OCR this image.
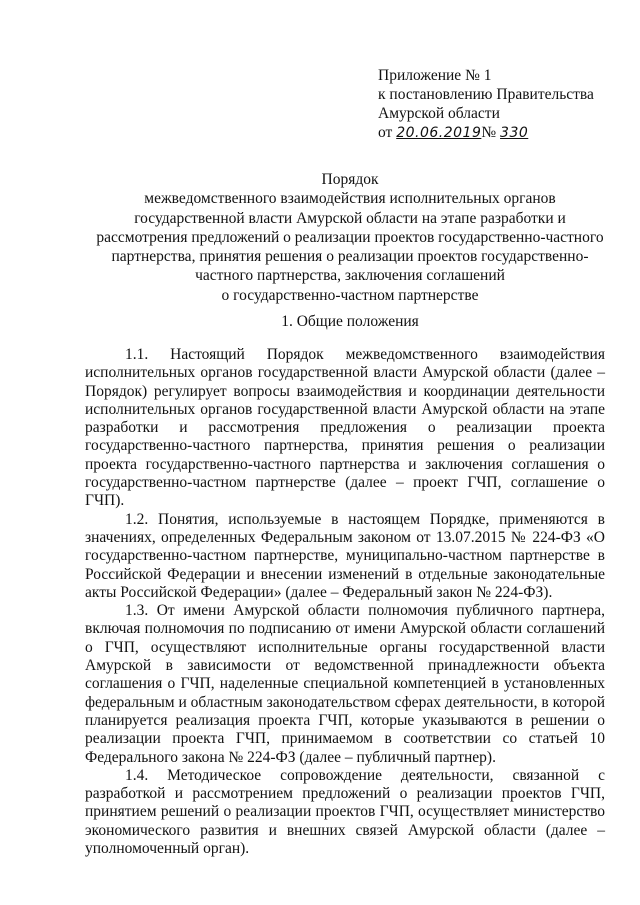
Приложение № 1
к постановлению Правительства
Амурской области
от 20.06.2019№ 330
Порядок
межведомственного взаимодействия исполнительных органов
государственной власти Амурской области на этапе разработки и
рассмотрения предложений о реализации проектов государственно-частного
партнерства, принятия решения о реализации проектов государственно-
частного партнерства, заключения соглашений
о государственно-частном партнерстве
1. Общие положения

1.1. Настоящий Порядок межведомственного взаимодействия исполнительных органов государственной власти Амурской области (далее – Порядок) регулирует вопросы взаимодействия и координации деятельности исполнительных органов государственной власти Амурской области на этапе разработки и рассмотрения предложения о реализации проекта государственно-частного партнерства, принятия решения о реализации проекта государственно-частного партнерства и заключения соглашения о государственно-частном партнерстве (далее – проект ГЧП, соглашение о ГЧП).

1.2. Понятия, используемые в настоящем Порядке, применяются в значениях, определенных Федеральным законом от 13.07.2015 № 224-ФЗ «О государственно-частном партнерстве, муниципально-частном партнерстве в Российской Федерации и внесении изменений в отдельные законодательные акты Российской Федерации» (далее – Федеральный закон № 224-ФЗ).

1.3. От имени Амурской области полномочия публичного партнера, включая полномочия по подписанию от имени Амурской области соглашений о ГЧП, осуществляют исполнительные органы государственной власти Амурской в зависимости от ведомственной принадлежности объекта соглашения о ГЧП, наделенные специальной компетенцией в установленных федеральным и областным законодательством сферах деятельности, в которой планируется реализация проекта ГЧП, которые указываются в решении о реализации проекта ГЧП, принимаемом в соответствии со статьей 10 Федерального закона № 224-ФЗ (далее – публичный партнер).

1.4. Методическое сопровождение деятельности, связанной с разработкой и рассмотрением предложений о реализации проектов ГЧП, принятием решений о реализации проектов ГЧП, осуществляет министерство экономического развития и внешних связей Амурской области (далее – уполномоченный орган).
